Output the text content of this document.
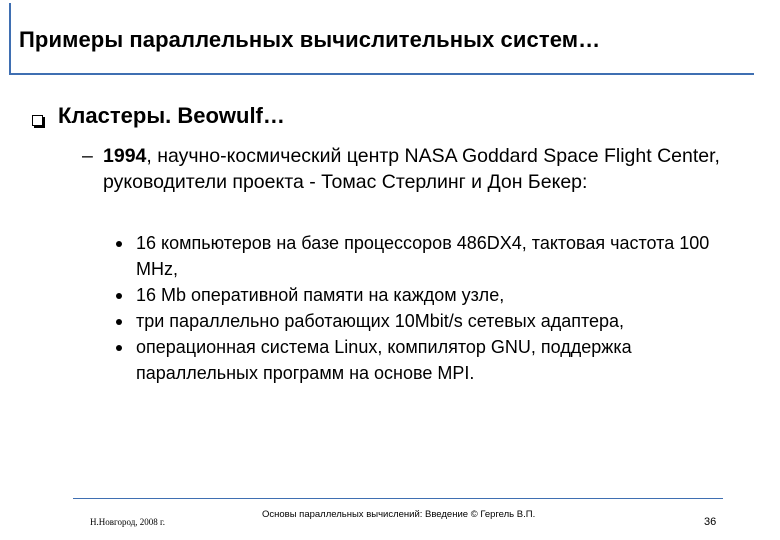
Примеры параллельных вычислительных систем…
Кластеры. Beowulf…
– 1994, научно-космический центр NASA Goddard Space Flight Center, руководители проекта - Томас Стерлинг и Дон Бекер:
16 компьютеров на базе процессоров 486DX4, тактовая частота 100 MHz,
16 Mb оперативной памяти на каждом узле,
три параллельно работающих 10Mbit/s сетевых адаптера,
операционная система Linux, компилятор GNU, поддержка параллельных программ на основе MPI.
Н.Новгород, 2008 г.
Основы параллельных вычислений: Введение © Гергель В.П.
36
